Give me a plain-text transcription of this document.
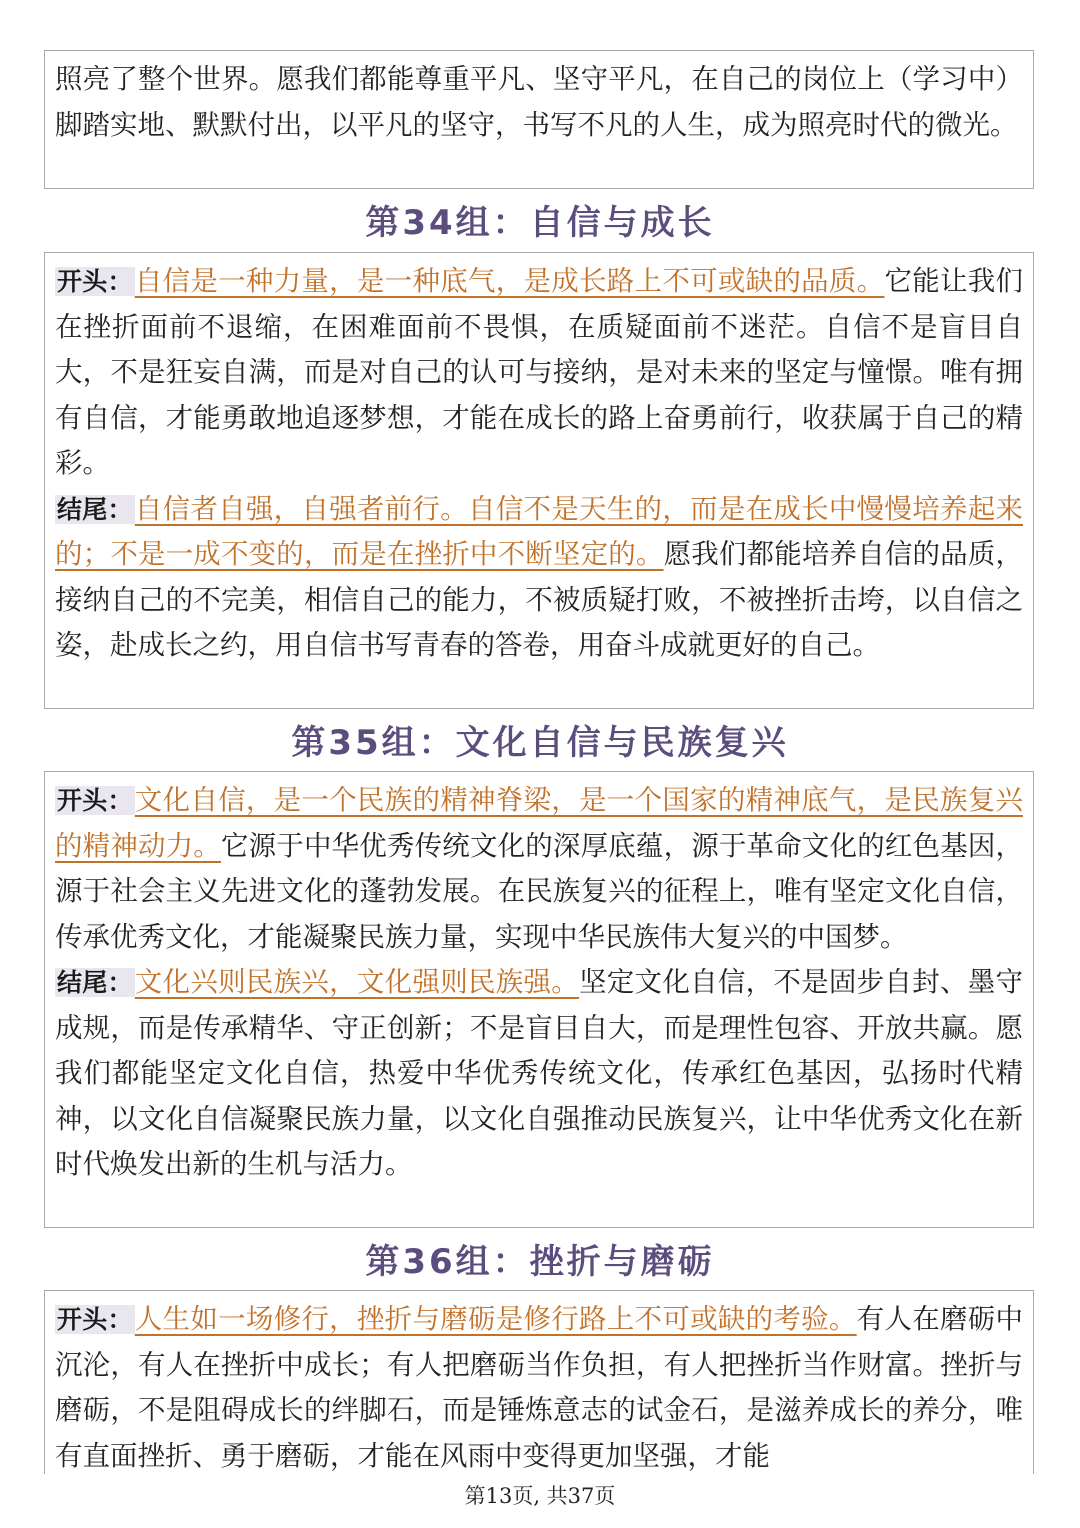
照亮了整个世界。愿我们都能尊重平凡、坚守平凡，在自己的岗位上（学习中）脚踏实地、默默付出，以平凡的坚守，书写不凡的人生，成为照亮时代的微光。

第34组：自信与成长

开头：自信是一种力量，是一种底气，是成长路上不可或缺的品质。它能让我们在挫折面前不退缩，在困难面前不畏惧，在质疑面前不迷茫。自信不是盲目自大，不是狂妄自满，而是对自己的认可与接纳，是对未来的坚定与憧憬。唯有拥有自信，才能勇敢地追逐梦想，才能在成长的路上奋勇前行，收获属于自己的精彩。

结尾：自信者自强，自强者前行。自信不是天生的，而是在成长中慢慢培养起来的；不是一成不变的，而是在挫折中不断坚定的。愿我们都能培养自信的品质，接纳自己的不完美，相信自己的能力，不被质疑打败，不被挫折击垮，以自信之姿，赴成长之约，用自信书写青春的答卷，用奋斗成就更好的自己。

第35组：文化自信与民族复兴

开头：文化自信，是一个民族的精神脊梁，是一个国家的精神底气，是民族复兴的精神动力。它源于中华优秀传统文化的深厚底蕴，源于革命文化的红色基因，源于社会主义先进文化的蓬勃发展。在民族复兴的征程上，唯有坚定文化自信，传承优秀文化，才能凝聚民族力量，实现中华民族伟大复兴的中国梦。

结尾：文化兴则民族兴，文化强则民族强。坚定文化自信，不是固步自封、墨守成规，而是传承精华、守正创新；不是盲目自大，而是理性包容、开放共赢。愿我们都能坚定文化自信，热爱中华优秀传统文化，传承红色基因，弘扬时代精神，以文化自信凝聚民族力量，以文化自强推动民族复兴，让中华优秀文化在新时代焕发出新的生机与活力。

第36组：挫折与磨砺

开头：人生如一场修行，挫折与磨砺是修行路上不可或缺的考验。有人在磨砺中沉沦，有人在挫折中成长；有人把磨砺当作负担，有人把挫折当作财富。挫折与磨砺，不是阻碍成长的绊脚石，而是锤炼意志的试金石，是滋养成长的养分，唯有直面挫折、勇于磨砺，才能在风雨中变得更加坚强，才能

第13页, 共37页
